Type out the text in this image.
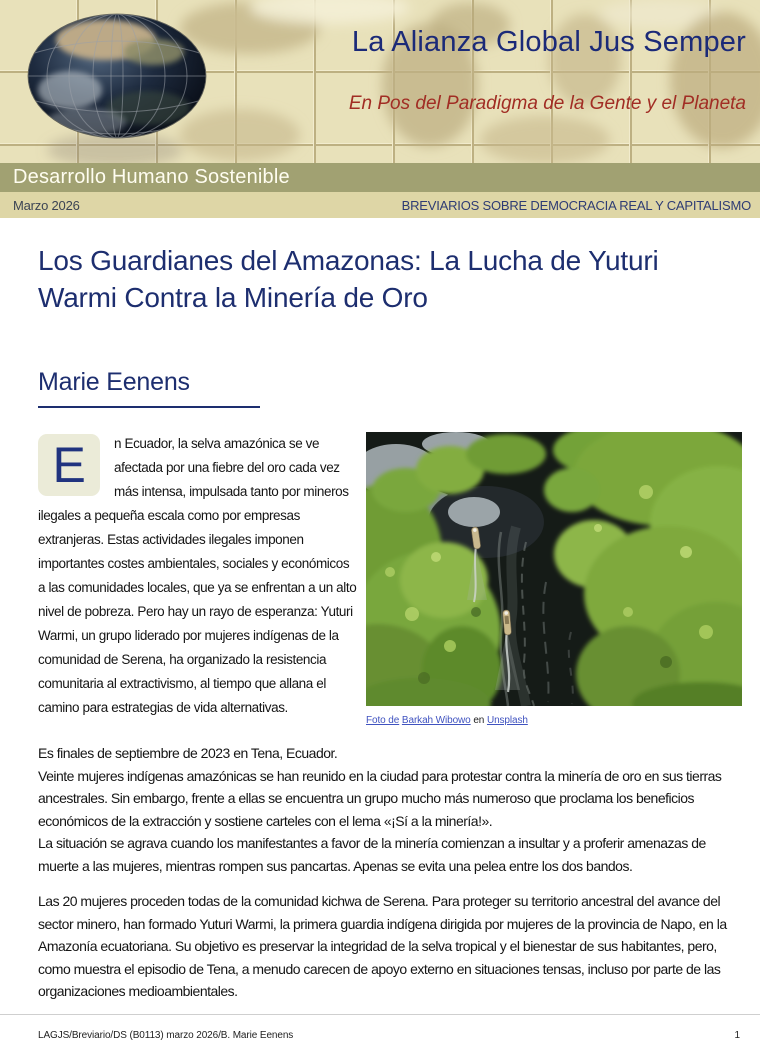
La Alianza Global Jus Semper
En Pos del Paradigma de la Gente y el Planeta
Desarrollo Humano Sostenible
Marzo 2026	BREVIARIOS SOBRE DEMOCRACIA REAL Y CAPITALISMO
Los Guardianes del Amazonas: La Lucha de Yuturi
Warmi Contra la Minería de Oro
Marie Eenens
E	n Ecuador, la selva amazónica se ve afectada por una fiebre del oro cada vez más intensa, impulsada tanto por mineros ilegales a pequeña escala como por empresas extranjeras. Estas actividades ilegales imponen importantes costes ambientales, sociales y económicos a las comunidades locales, que ya se enfrentan a un alto nivel de pobreza. Pero hay un rayo de esperanza: Yuturi Warmi, un grupo liderado por mujeres indígenas de la comunidad de Serena, ha organizado la resistencia comunitaria al extractivismo, al tiempo que allana el camino para estrategias de vida alternativas.
Foto de Barkah Wibowo en Unsplash

Es finales de septiembre de 2023 en Tena, Ecuador.
Veinte mujeres indígenas amazónicas se han reunido en la ciudad para protestar contra la minería de oro en sus tierras ancestrales. Sin embargo, frente a ellas se encuentra un grupo mucho más numeroso que proclama los beneficios económicos de la extracción y sostiene carteles con el lema «¡Sí a la minería!».
La situación se agrava cuando los manifestantes a favor de la minería comienzan a insultar y a proferir amenazas de muerte a las mujeres, mientras rompen sus pancartas. Apenas se evita una pelea entre los dos bandos.

Las 20 mujeres proceden todas de la comunidad kichwa de Serena. Para proteger su territorio ancestral del avance del sector minero, han formado Yuturi Warmi, la primera guardia indígena dirigida por mujeres de la provincia de Napo, en la Amazonía ecuatoriana. Su objetivo es preservar la integridad de la selva tropical y el bienestar de sus habitantes, pero, como muestra el episodio de Tena, a menudo carecen de apoyo externo en situaciones tensas, incluso por parte de las organizaciones medioambientales.

LAGJS/Breviario/DS (B0113) marzo 2026/B. Marie Eenens	1
